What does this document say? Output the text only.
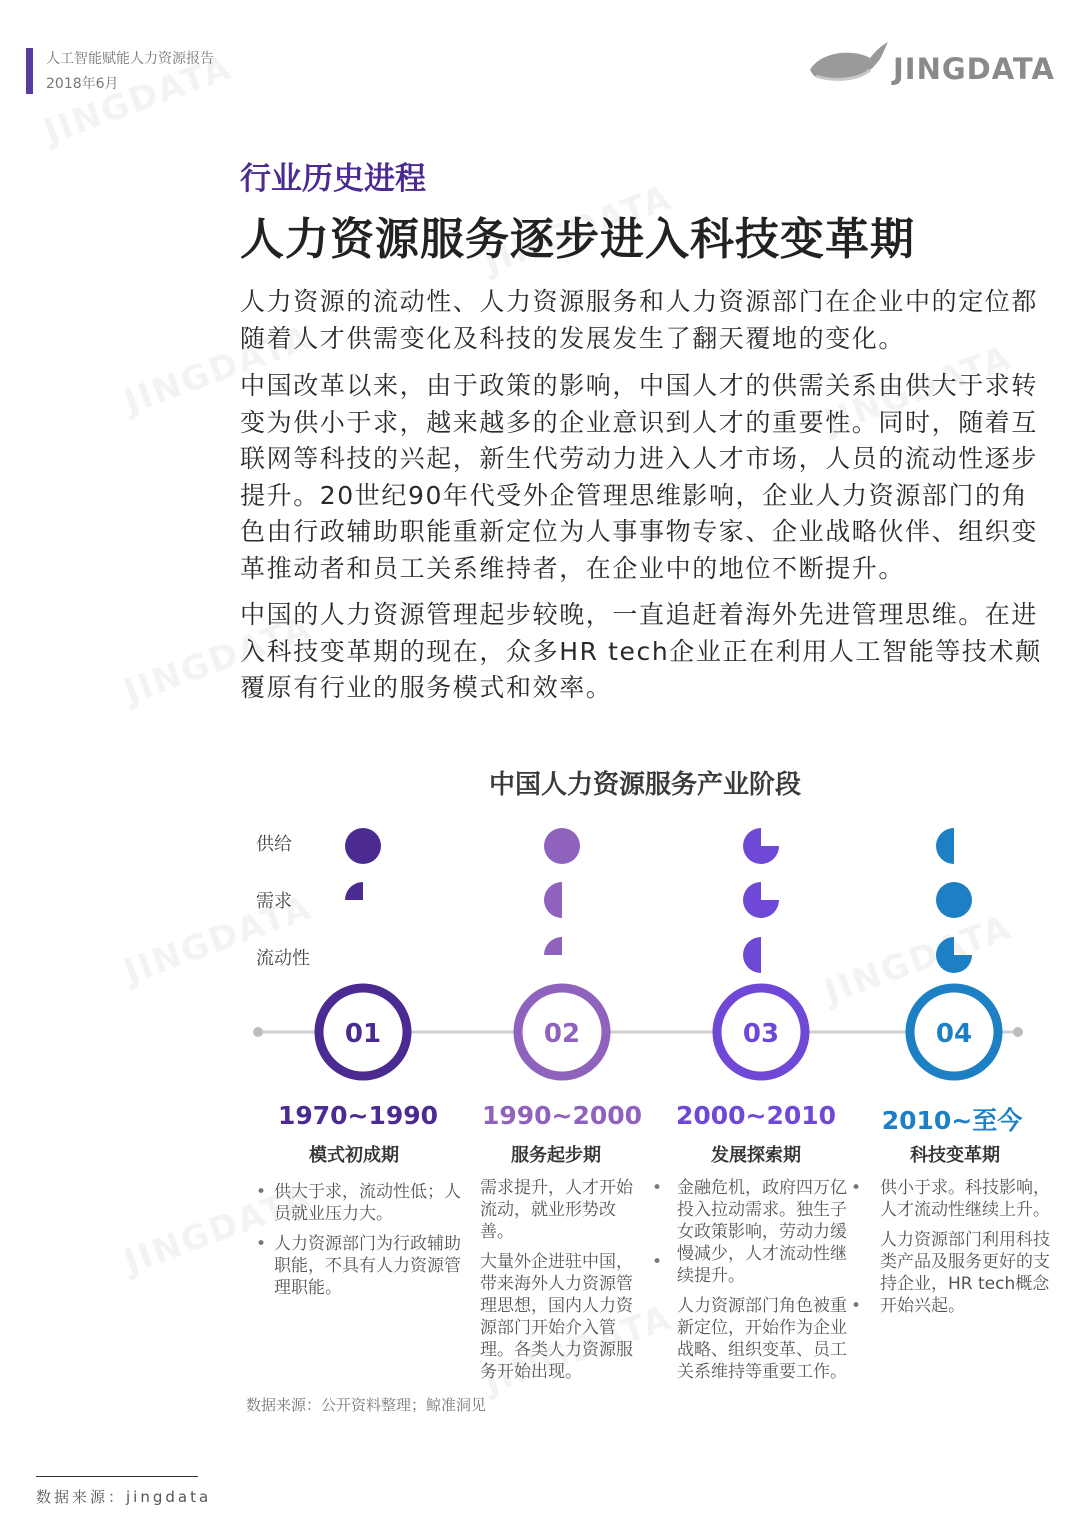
人工智能赋能人力资源报告
2018年6月	JINGDATA
行业历史进程
人力资源服务逐步进入科技变革期

人力资源的流动性、人力资源服务和人力资源部门在企业中的定位都随着人才供需变化及科技的发展发生了翻天覆地的变化。

中国改革以来，由于政策的影响，中国人才的供需关系由供大于求转变为供小于求，越来越多的企业意识到人才的重要性。同时，随着互联网等科技的兴起，新生代劳动力进入人才市场，人员的流动性逐步提升。20世纪90年代受外企管理思维影响，企业人力资源部门的角色由行政辅助职能重新定位为人事事物专家、企业战略伙伴、组织变革推动者和员工关系维持者，在企业中的地位不断提升。

中国的人力资源管理起步较晚，一直追赶着海外先进管理思维。在进入科技变革期的现在，众多HR tech企业正在利用人工智能等技术颠覆原有行业的服务模式和效率。

中国人力资源服务产业阶段
供给
需求
流动性
01	02	03	04
1970~1990	1990~2000	2000~2010	2010~至今
模式初成期	服务起步期	发展探索期	科技变革期
• 供大于求，流动性低；人员就业压力大。
• 人力资源部门为行政辅助职能，不具有人力资源管理职能。
需求提升，人才开始流动，就业形势改善。 •
大量外企进驻中国，带来海外人力资源管理思想，国内人力资源部门开始介入管理。各类人力资源服务开始出现。 •
金融危机，政府四万亿投入拉动需求。独生子女政策影响，劳动力缓慢减少，人才流动性继续提升。 •
人力资源部门角色被重新定位，开始作为企业战略、组织变革、员工关系维持等重要工作。 •
供小于求。科技影响，人才流动性继续上升。
人力资源部门利用科技类产品及服务更好的支持企业，HR tech概念开始兴起。
数据来源：公开资料整理；鲸准洞见
数据来源：jingdata
